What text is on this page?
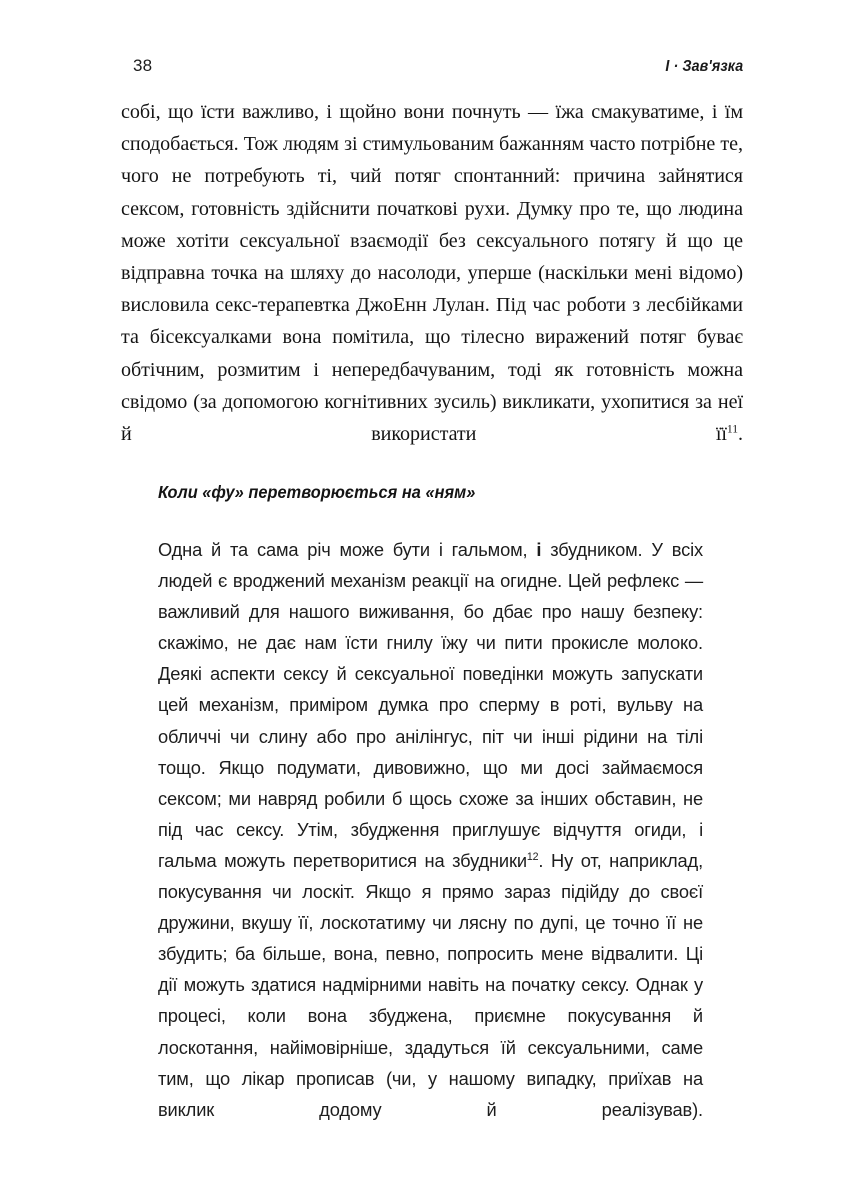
38	I · Зав'язка

собі, що їсти важливо, і щойно вони почнуть — їжа смакуватиме, і їм сподобається. Тож людям зі стимульованим бажанням часто потрібне те, чого не потребують ті, чий потяг спонтанний: причина зайнятися сексом, готовність здійснити початкові рухи. Думку про те, що людина може хотіти сексуальної взаємодії без сексуального потягу й що це відправна точка на шляху до насолоди, уперше (наскільки мені відомо) висловила секс-терапевтка ДжоЕнн Лулан. Під час роботи з лесбійками та бісексуалками вона помітила, що тілесно виражений потяг буває обтічним, розмитим і непередбачуваним, тоді як готовність можна свідомо (за допомогою когнітивних зусиль) викликати, ухопитися за неї й використати $її^{11}$.

Коли «фу» перетворюється на «ням»

Одна й та сама річ може бути і гальмом, і збудником. У всіх людей є вроджений механізм реакції на огидне. Цей рефлекс — важливий для нашого виживання, бо дбає про нашу безпеку: скажімо, не дає нам їсти гнилу їжу чи пити прокисле молоко. Деякі аспекти сексу й сексуальної поведінки можуть запускати цей механізм, приміром думка про сперму в роті, вульву на обличчі чи слину або про анілінгус, піт чи інші рідини на тілі тощо. Якщо подумати, дивовижно, що ми досі займаємося сексом; ми навряд робили б щось схоже за інших обставин, не під час сексу. Утім, збудження приглушує відчуття огиди, і гальма можуть перетворитися на збудники$^{12}$. Ну от, наприклад, покусування чи лоскіт. Якщо я прямо зараз підійду до своєї дружини, вкушу її, лоскотатиму чи лясну по дупі, це точно її не збудить; ба більше, вона, певно, попросить мене відвалити. Ці дії можуть здатися надмірними навіть на початку сексу. Однак у процесі, коли вона збуджена, приємне покусування й лоскотання, найімовірніше, здадуться їй сексуальними, саме тим, що лікар прописав (чи, у нашому випадку, приїхав на виклик додому й реалізував).
